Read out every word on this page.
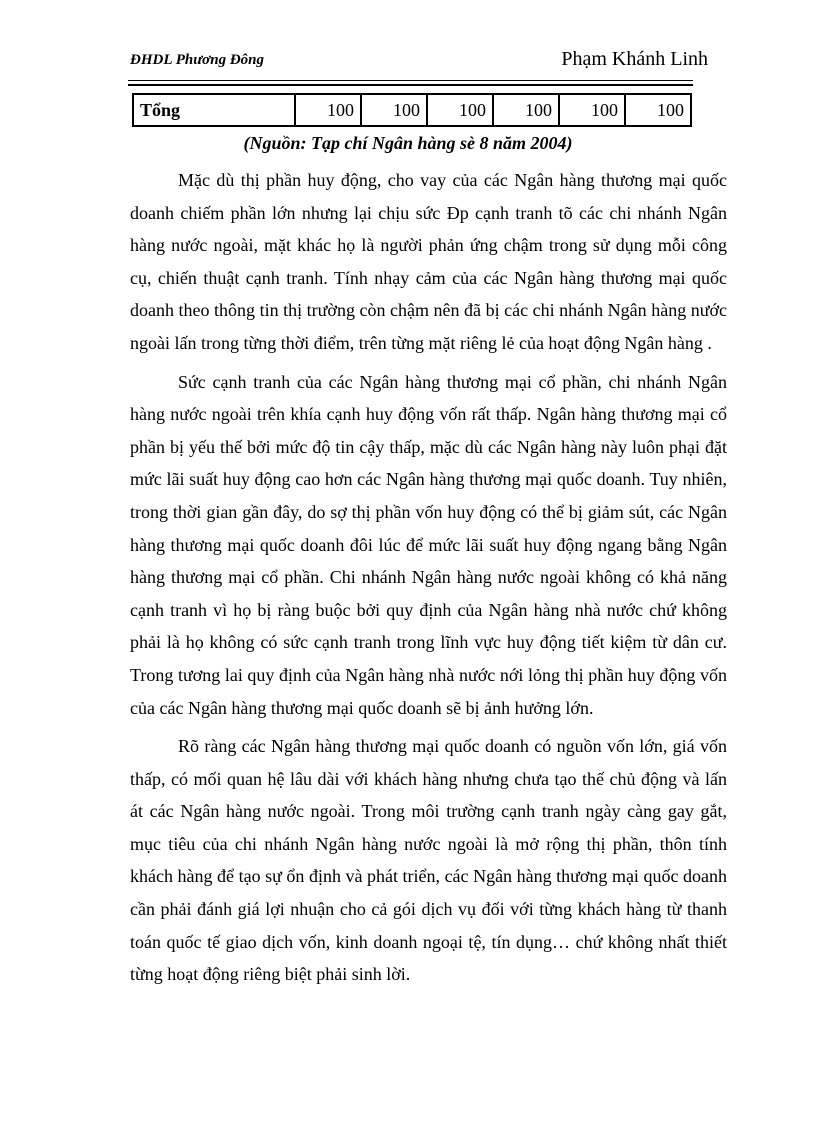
ĐHDL Phương Đông	Phạm Khánh Linh
Tổng	100	100	100	100	100	100
(Nguồn: Tạp chí Ngân hàng sè 8 năm 2004)

Mặc dù thị phần huy động, cho vay của các Ngân hàng thương mại quốc doanh chiếm phần lớn nhưng lại chịu sức Đp cạnh tranh tõ các chi nhánh Ngân hàng nước ngoài, mặt khác họ là người phản ứng chậm trong sử dụng mỗi công cụ, chiến thuật cạnh tranh. Tính nhạy cảm của các Ngân hàng thương mại quốc doanh theo thông tin thị trường còn chậm nên đã bị các chi nhánh Ngân hàng nước ngoài lấn trong từng thời điểm, trên từng mặt riêng lẻ của hoạt động Ngân hàng .

Sức cạnh tranh của các Ngân hàng thương mại cổ phần, chi nhánh Ngân hàng nước ngoài trên khía cạnh huy động vốn rất thấp. Ngân hàng thương mại cổ phần bị yếu thế bởi mức độ tin cậy thấp, mặc dù các Ngân hàng này luôn phại đặt mức lãi suất huy động cao hơn các Ngân hàng thương mại quốc doanh. Tuy nhiên, trong thời gian gần đây, do sợ thị phần vốn huy động có thể bị giảm sút, các Ngân hàng thương mại quốc doanh đôi lúc để mức lãi suất huy động ngang bằng Ngân hàng thương mại cổ phần. Chi nhánh Ngân hàng nước ngoài không có khả năng cạnh tranh vì họ bị ràng buộc bởi quy định của Ngân hàng nhà nước chứ không phải là họ không có sức cạnh tranh trong lĩnh vực huy động tiết kiệm từ dân cư. Trong tương lai quy định của Ngân hàng nhà nước nới lỏng thị phần huy động vốn của các Ngân hàng thương mại quốc doanh sẽ bị ảnh hưởng lớn.

Rõ ràng các Ngân hàng thương mại quốc doanh có nguồn vốn lớn, giá vốn thấp, có mối quan hệ lâu dài với khách hàng nhưng chưa tạo thế chủ động và lấn át các Ngân hàng nước ngoài. Trong môi trường cạnh tranh ngày càng gay gắt, mục tiêu của chi nhánh Ngân hàng nước ngoài là mở rộng thị phần, thôn tính khách hàng để tạo sự ổn định và phát triển, các Ngân hàng thương mại quốc doanh cần phải đánh giá lợi nhuận cho cả gói dịch vụ đối với từng khách hàng từ thanh toán quốc tế giao dịch vốn, kinh doanh ngoại tệ, tín dụng… chứ không nhất thiết từng hoạt động riêng biệt phải sinh lời.
